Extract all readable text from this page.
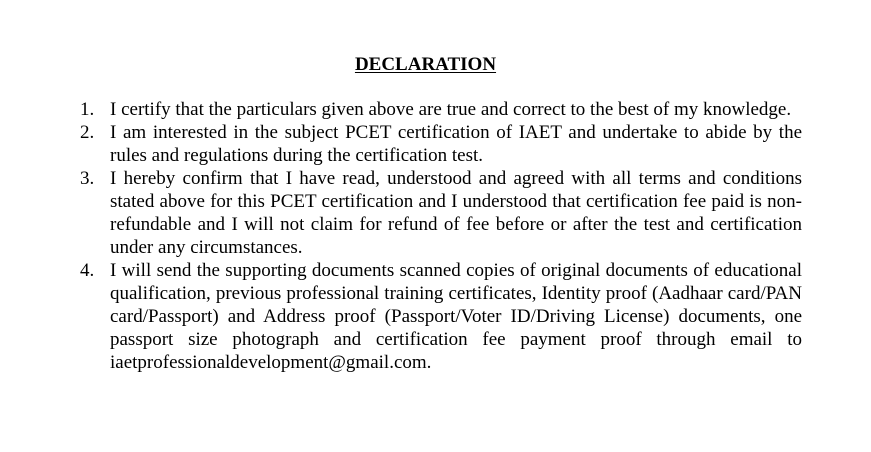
DECLARATION
1. I certify that the particulars given above are true and correct to the best of my knowledge.
2. I am interested in the subject PCET certification of IAET and undertake to abide by the rules and regulations during the certification test.
3. I hereby confirm that I have read, understood and agreed with all terms and conditions stated above for this PCET certification and I understood that certification fee paid is non-refundable and I will not claim for refund of fee before or after the test and certification under any circumstances.
4. I will send the supporting documents scanned copies of original documents of educational qualification, previous professional training certificates, Identity proof (Aadhaar card/PAN card/Passport) and Address proof (Passport/Voter ID/Driving License) documents, one passport size photograph and certification fee payment proof through email to iaetprofessionaldevelopment@gmail.com.
